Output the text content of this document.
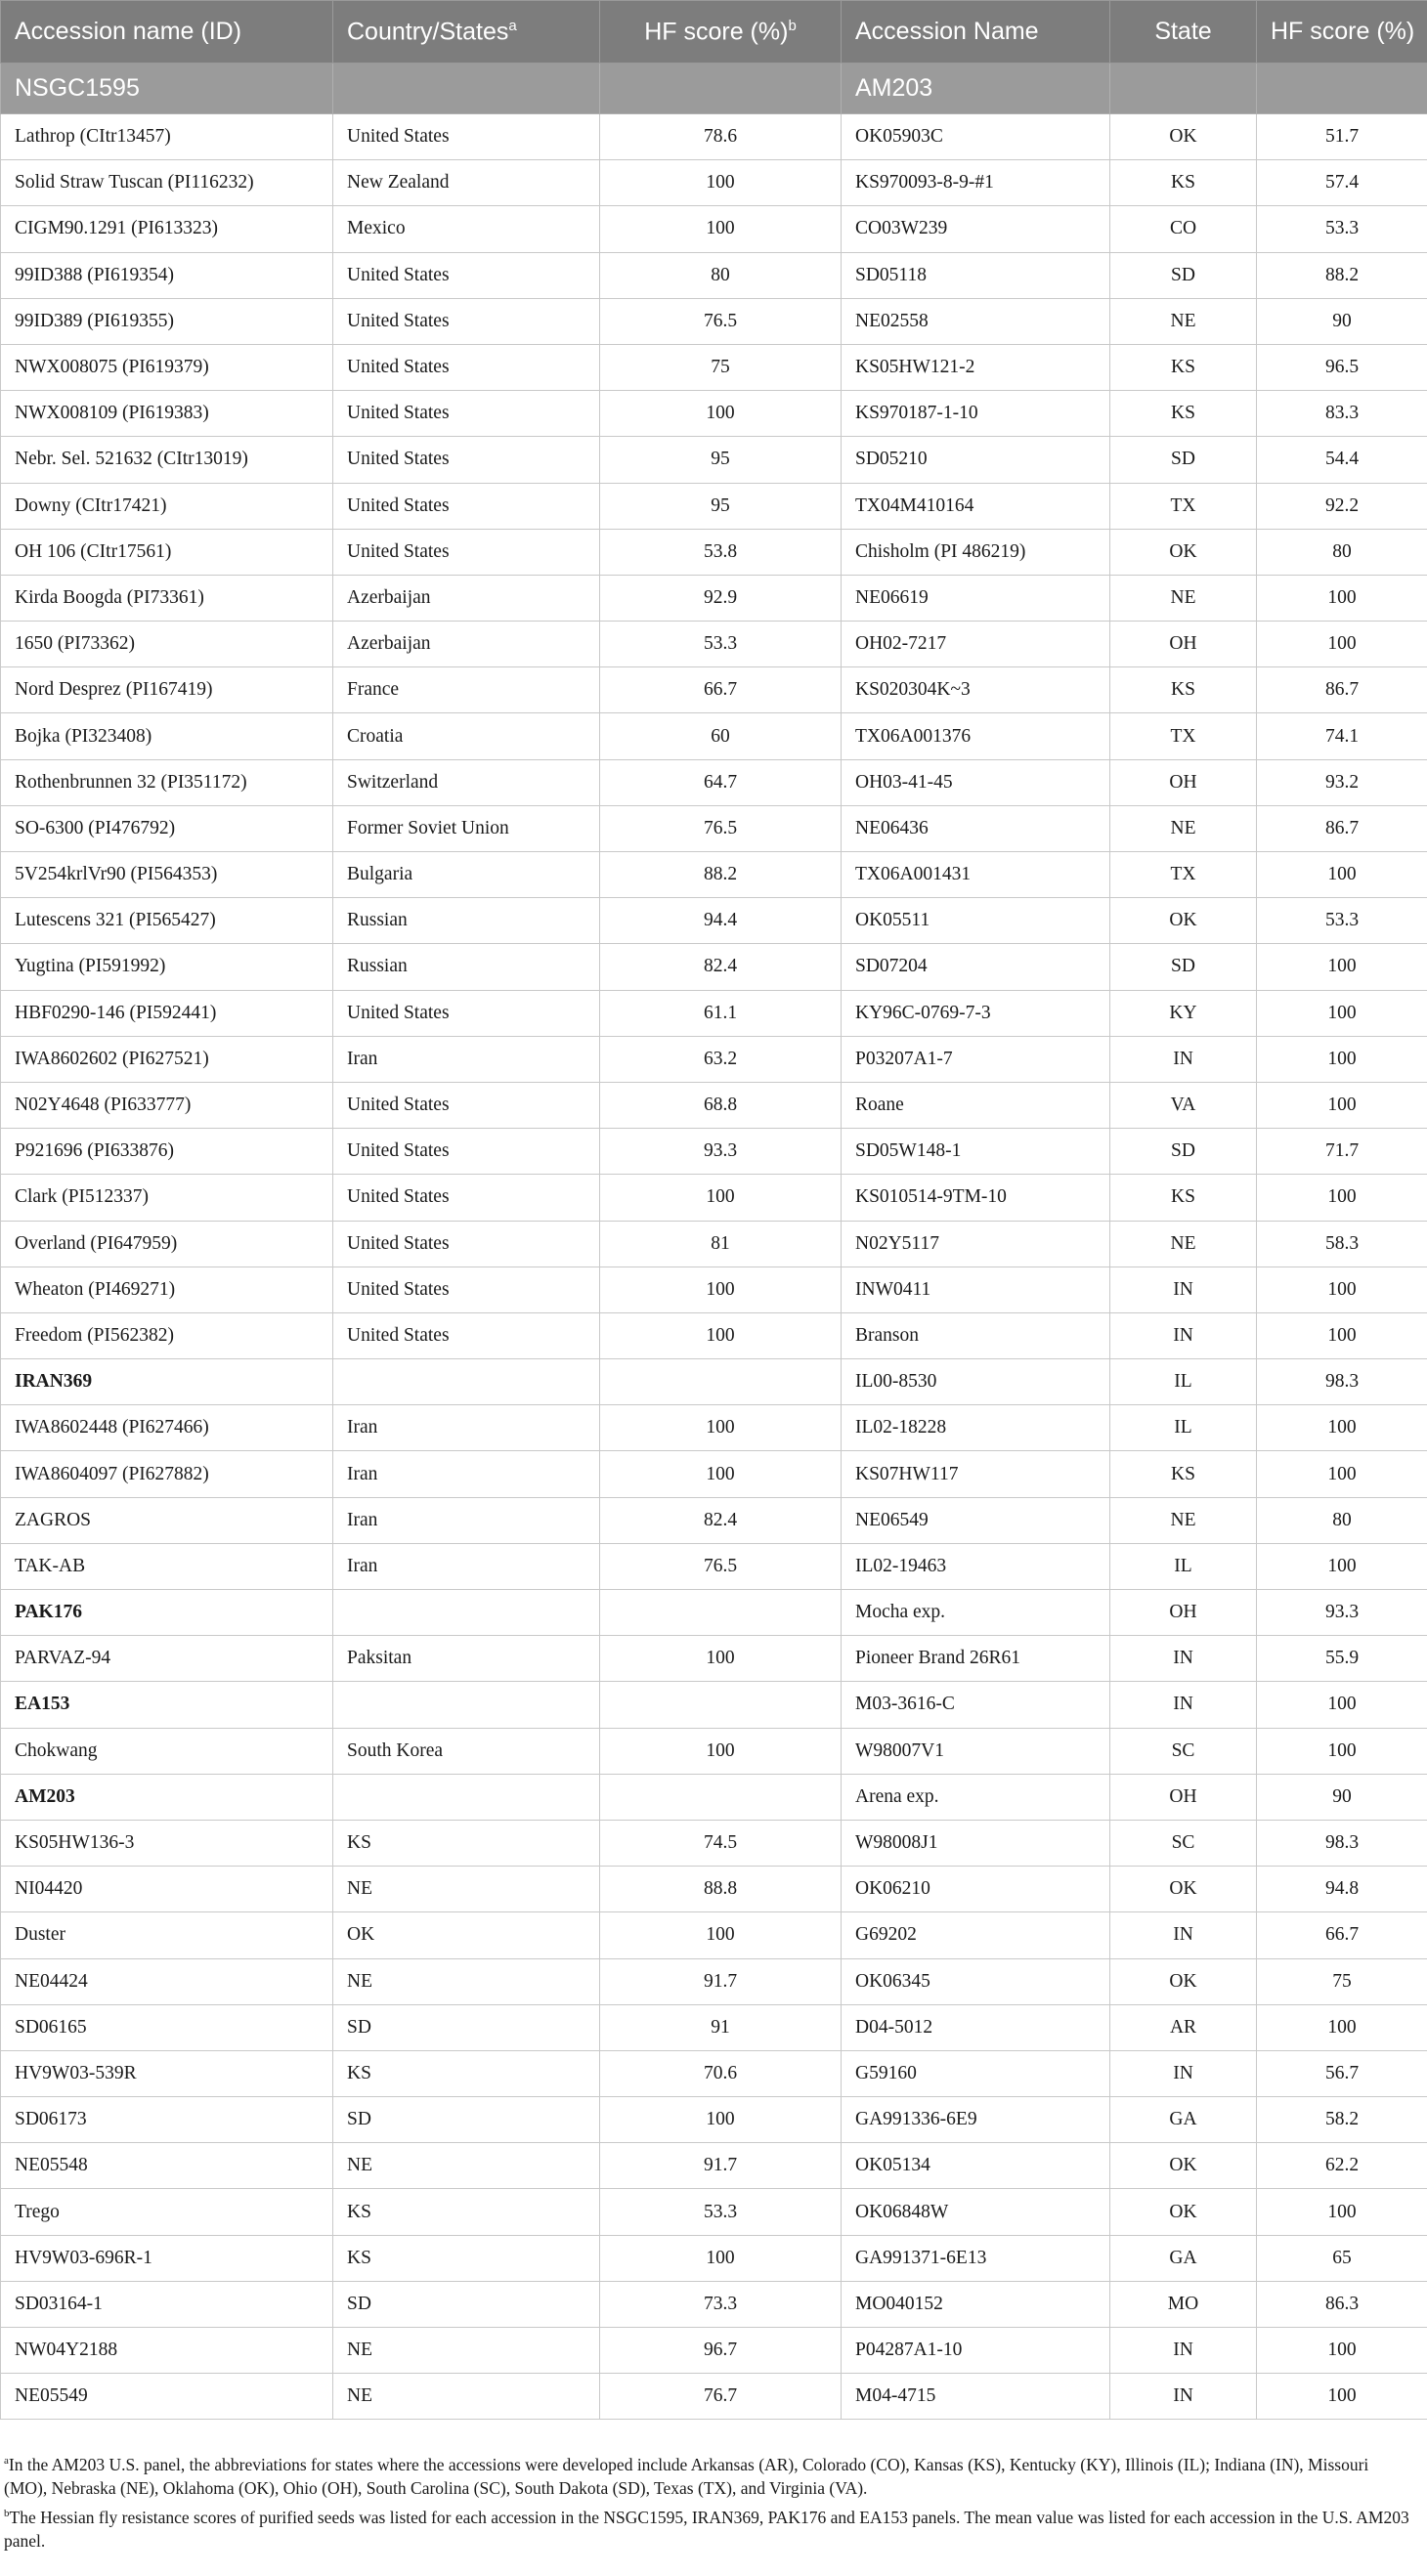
Accession name (ID)	Country/States$^a$	HF score (%)$^b$	Accession Name	State	HF score (%)
NSGC1595			AM203		
Lathrop (CItr13457)	United States	78.6	OK05903C	OK	51.7
Solid Straw Tuscan (PI116232)	New Zealand	100	KS970093-8-9-#1	KS	57.4
CIGM90.1291 (PI613323)	Mexico	100	CO03W239	CO	53.3
99ID388 (PI619354)	United States	80	SD05118	SD	88.2
99ID389 (PI619355)	United States	76.5	NE02558	NE	90
NWX008075 (PI619379)	United States	75	KS05HW121-2	KS	96.5
NWX008109 (PI619383)	United States	100	KS970187-1-10	KS	83.3
Nebr. Sel. 521632 (CItr13019)	United States	95	SD05210	SD	54.4
Downy (CItr17421)	United States	95	TX04M410164	TX	92.2
OH 106 (CItr17561)	United States	53.8	Chisholm (PI 486219)	OK	80
Kirda Boogda (PI73361)	Azerbaijan	92.9	NE06619	NE	100
1650 (PI73362)	Azerbaijan	53.3	OH02-7217	OH	100
Nord Desprez (PI167419)	France	66.7	KS020304K~3	KS	86.7
Bojka (PI323408)	Croatia	60	TX06A001376	TX	74.1
Rothenbrunnen 32 (PI351172)	Switzerland	64.7	OH03-41-45	OH	93.2
SO-6300 (PI476792)	Former Soviet Union	76.5	NE06436	NE	86.7
5V254krlVr90 (PI564353)	Bulgaria	88.2	TX06A001431	TX	100
Lutescens 321 (PI565427)	Russian	94.4	OK05511	OK	53.3
Yugtina (PI591992)	Russian	82.4	SD07204	SD	100
HBF0290-146 (PI592441)	United States	61.1	KY96C-0769-7-3	KY	100
IWA8602602 (PI627521)	Iran	63.2	P03207A1-7	IN	100
N02Y4648 (PI633777)	United States	68.8	Roane	VA	100
P921696 (PI633876)	United States	93.3	SD05W148-1	SD	71.7
Clark (PI512337)	United States	100	KS010514-9TM-10	KS	100
Overland (PI647959)	United States	81	N02Y5117	NE	58.3
Wheaton (PI469271)	United States	100	INW0411	IN	100
Freedom (PI562382)	United States	100	Branson	IN	100
IRAN369			IL00-8530	IL	98.3
IWA8602448 (PI627466)	Iran	100	IL02-18228	IL	100
IWA8604097 (PI627882)	Iran	100	KS07HW117	KS	100
ZAGROS	Iran	82.4	NE06549	NE	80
TAK-AB	Iran	76.5	IL02-19463	IL	100
PAK176			Mocha exp.	OH	93.3
PARVAZ-94	Paksitan	100	Pioneer Brand 26R61	IN	55.9
EA153			M03-3616-C	IN	100
Chokwang	South Korea	100	W98007V1	SC	100
AM203			Arena exp.	OH	90
KS05HW136-3	KS	74.5	W98008J1	SC	98.3
NI04420	NE	88.8	OK06210	OK	94.8
Duster	OK	100	G69202	IN	66.7
NE04424	NE	91.7	OK06345	OK	75
SD06165	SD	91	D04-5012	AR	100
HV9W03-539R	KS	70.6	G59160	IN	56.7
SD06173	SD	100	GA991336-6E9	GA	58.2
NE05548	NE	91.7	OK05134	OK	62.2
Trego	KS	53.3	OK06848W	OK	100
HV9W03-696R-1	KS	100	GA991371-6E13	GA	65
SD03164-1	SD	73.3	MO040152	MO	86.3
NW04Y2188	NE	96.7	P04287A1-10	IN	100
NE05549	NE	76.7	M04-4715	IN	100

$^a$In the AM203 U.S. panel, the abbreviations for states where the accessions were developed include Arkansas (AR), Colorado (CO), Kansas (KS), Kentucky (KY), Illinois (IL); Indiana (IN), Missouri (MO), Nebraska (NE), Oklahoma (OK), Ohio (OH), South Carolina (SC), South Dakota (SD), Texas (TX), and Virginia (VA).

$^b$The Hessian fly resistance scores of purified seeds was listed for each accession in the NSGC1595, IRAN369, PAK176 and EA153 panels. The mean value was listed for each accession in the U.S. AM203 panel.
